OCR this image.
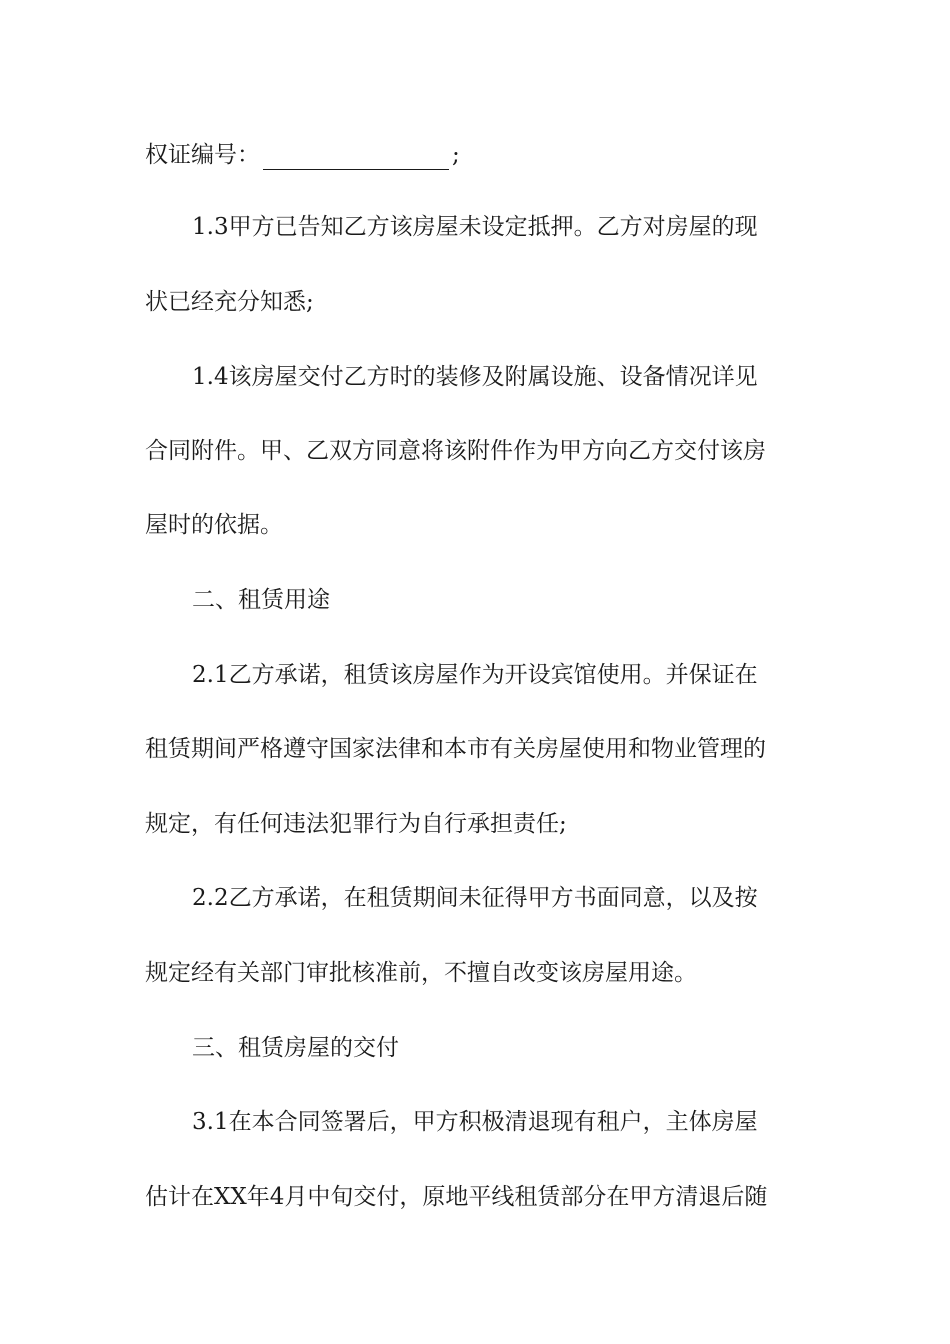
权证编号：	;
1.3甲方已告知乙方该房屋未设定抵押。乙方对房屋的现
状已经充分知悉;
1.4该房屋交付乙方时的装修及附属设施、设备情况详见
合同附件。甲、乙双方同意将该附件作为甲方向乙方交付该房
屋时的依据。
二、租赁用途
2.1乙方承诺，租赁该房屋作为开设宾馆使用。并保证在
租赁期间严格遵守国家法律和本市有关房屋使用和物业管理的
规定，有任何违法犯罪行为自行承担责任;
2.2乙方承诺，在租赁期间未征得甲方书面同意，以及按
规定经有关部门审批核准前，不擅自改变该房屋用途。
三、租赁房屋的交付
3.1在本合同签署后，甲方积极清退现有租户，主体房屋
估计在XX年4月中旬交付，原地平线租赁部分在甲方清退后随
